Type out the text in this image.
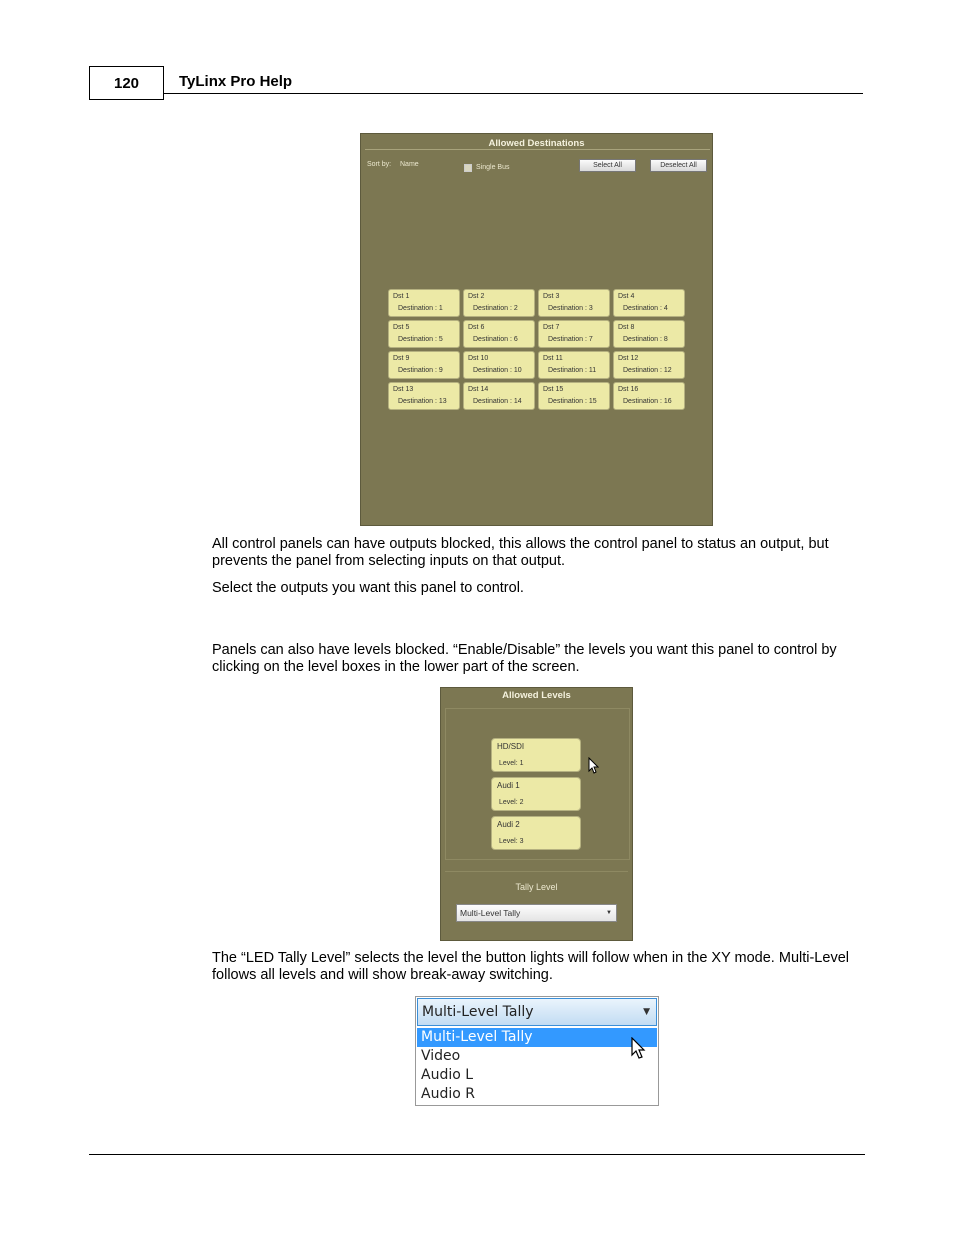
120	TyLinx Pro Help
Allowed Destinations
Sort by: Name	Single Bus	Select All	Deselect All
Dst 1
Destination : 1
Dst 2
Destination : 2
Dst 3
Destination : 3
Dst 4
Destination : 4
Dst 5
Destination : 5
Dst 6
Destination : 6
Dst 7
Destination : 7
Dst 8
Destination : 8
Dst 9
Destination : 9
Dst 10
Destination : 10
Dst 11
Destination : 11
Dst 12
Destination : 12
Dst 13
Destination : 13
Dst 14
Destination : 14
Dst 15
Destination : 15
Dst 16
Destination : 16
All control panels can have outputs blocked, this allows the control panel to status an output, but prevents the panel from selecting inputs on that output.
Select the outputs you want this panel to control.
Panels can also have levels blocked. “Enable/Disable” the levels you want this panel to control by clicking on the level boxes in the lower part of the screen.
Allowed Levels
HD/SDI
Level: 1
Audi 1
Level: 2
Audi 2
Level: 3
Tally Level
Multi-Level Tally	▼
The “LED Tally Level” selects the level the button lights will follow when in the XY mode. Multi-Level follows all levels and will show break-away switching.
Multi-Level Tally	▼
Multi-Level Tally
Video
Audio L
Audio R
